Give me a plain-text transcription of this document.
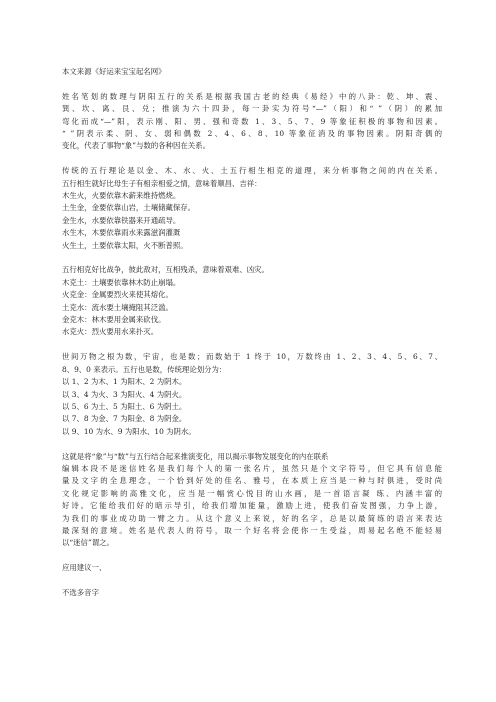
本文来源《好运来宝宝起名网》
姓名笔划的数理与阴阳五行的关系是根据我国古老的经典《易经》中的八卦：乾、坤、震、
巽、坎、离、艮、兑；推演为六十四卦，每一卦实为符号“—”（阳）和“ ”（阴）的累加
弯化而成“—”阳，表示刚、阳、男、强和奇数 1、3、5、7、9 等象征积极的事物和因素。
“ ”阴表示柔、阴、女、弱和偶数 2、4、6、8、10 等象征消及的事物因素。阴阳奇偶的
变化，代表了事物“象”与数的各种因在关系。
传统的五行理论是以金、木、水、火、土五行相生相克的道理，来分析事物之间的内在关系。
五行相生就好比母生子有相亲相爱之情，意味着顺昌、吉祥：
木生火，火要依靠木薪来维持燃烧。
土生金，金要依靠山岩，土壤储藏保存。
金生水，水要依靠铁器来开通疏导。
水生木，木要依靠雨水来露滋润灌溉
火生土，土要依靠太阳，火不断普照。
五行相克好比战争，彼此敌对，互相残杀，意味着艰难、凶灾。
木克土：土壤要依靠林木防止崩塌。
火克金：金属要烈火来使其熔化。
土克水：流水要土壤掩阻其泛滥。
金克木：林木要用金属来砍伐。
水克火：烈火要用水来扑灭。
世间万物之根为数，宇宙，也是数；而数始于 1 终于 10，万数终由 1、2、3、4、5、6、7、
8、9、0 来表示。五行也是数，传统理论划分为：
以 1、2 为木、1 为阳木、2 为阴木。
以 3、4 为火、3 为阳火、4 为阴火。
以 5、6 为土、5 为阳土、6 为阴土。
以 7、8 为金、7 为阳金、8 为阴金。
以 9、10 为水、9 为阳水、10 为阴水。
这就是将“象”与“数”与五行结合起来推演变化，用以揭示事物发展变化的内在联系
编辑本段不是迷信姓名是我们每个人的第一张名片，虽然只是个文字符号，但它具有信息能
量及文字的全息理念，一个恰到好处的佳名、雅号，在本质上应当是一种与时俱进，受时尚
文化规定影响的高雅文化，应当是一幅赏心悦目的山水画，是一首语言凝 练、内涵丰富的
好诗。它能给我们好的暗示导引，给我们增加能量，激励上进，使我们奋发图强，力争上游，
为我们的事业成功助一臂之力。从这个意义上来说，好的名字，总是以最简练的语言来表达
最深刻的意境。姓名是代表人的符号，取一个好名将会使你一生受益，周易起名绝不能轻易
以“迷信”谓之。
应用建议一、
不选多音字
